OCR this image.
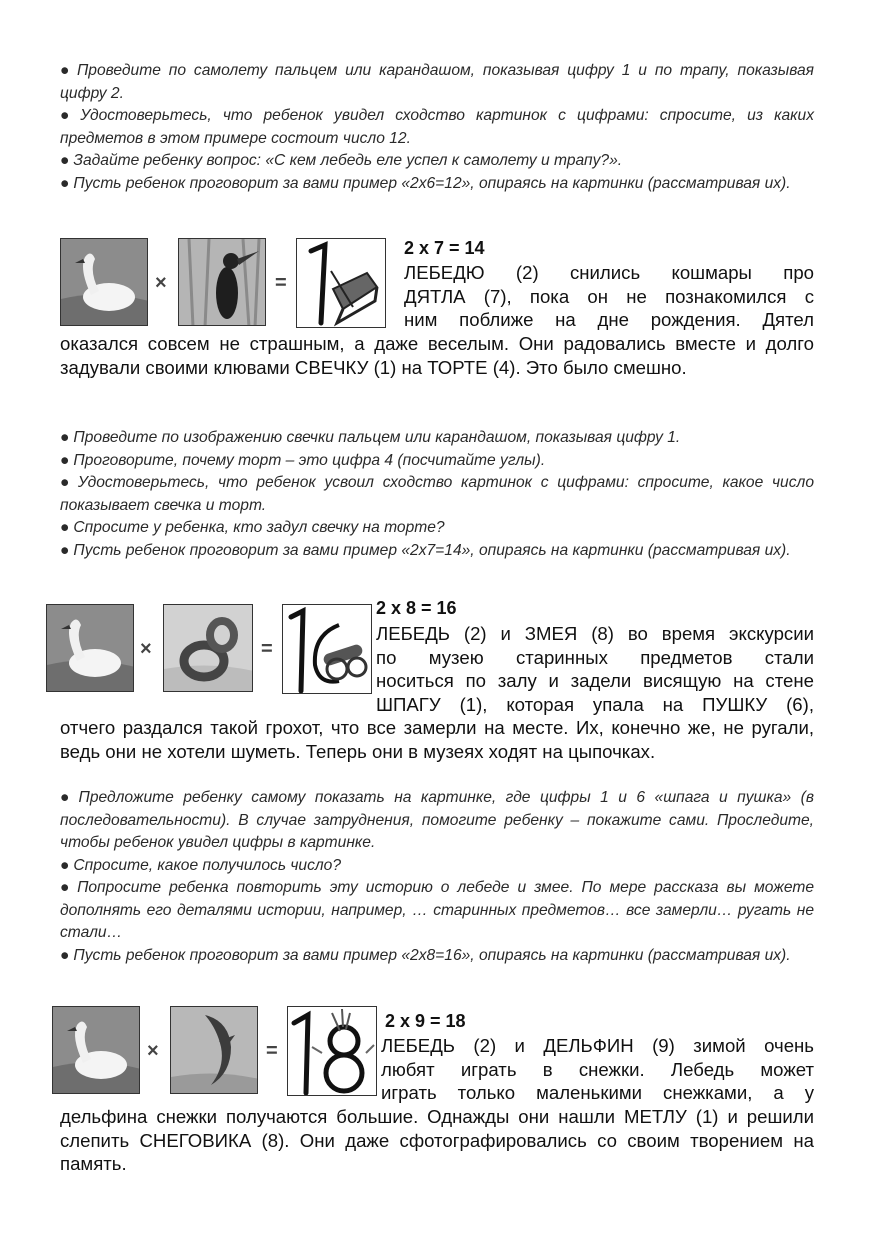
● Проведите по самолету пальцем или карандашом, показывая цифру 1 и по трапу, показывая цифру 2.

● Удостоверьтесь, что ребенок увидел сходство картинок с цифрами: спросите, из каких предметов в этом примере состоит число 12.

● Задайте ребенку вопрос: «С кем лебедь еле успел к самолету и трапу?».

● Пусть ребенок проговорит за вами пример «2х6=12», опираясь на картинки (рассматривая их).

×	=
2 х 7 = 14

ЛЕБЕДЮ (2) снились кошмары про

ДЯТЛА (7), пока он не познакомился с

ним поближе на дне рождения. Дятел

оказался совсем не страшным, а даже веселым. Они радовались вместе и долго задували своими клювами СВЕЧКУ (1) на ТОРТЕ (4). Это было смешно.

● Проведите по изображению свечки пальцем или карандашом, показывая цифру 1.

● Проговорите, почему торт – это цифра 4 (посчитайте углы).

● Удостоверьтесь, что ребенок усвоил сходство картинок с цифрами: спросите, какое число показывает свечка и торт.

● Спросите у ребенка, кто задул свечку на торте?

● Пусть ребенок проговорит за вами пример «2х7=14», опираясь на картинки (рассматривая их).

×	=
2 х 8 = 16

ЛЕБЕДЬ (2) и ЗМЕЯ (8) во время экскурсии

по музею старинных предметов стали

носиться по залу и задели висящую на стене

ШПАГУ (1), которая упала на ПУШКУ (6),

отчего раздался такой грохот, что все замерли на месте. Их, конечно же, не ругали, ведь они не хотели шуметь. Теперь они в музеях ходят на цыпочках.

● Предложите ребенку самому показать на картинке, где цифры 1 и 6 «шпага и пушка» (в последовательности). В случае затруднения, помогите ребенку – покажите сами. Проследите, чтобы ребенок увидел цифры в картинке.

● Спросите, какое получилось число?

● Попросите ребенка повторить эту историю о лебеде и змее. По мере рассказа вы можете дополнять его деталями истории, например, … старинных предметов… все замерли… ругать не стали…

● Пусть ребенок проговорит за вами пример «2х8=16», опираясь на картинки (рассматривая их).

×	=
2 х 9 = 18

ЛЕБЕДЬ (2) и ДЕЛЬФИН (9) зимой очень

любят играть в снежки. Лебедь может

играть только маленькими снежками, а у

дельфина снежки получаются большие. Однажды они нашли МЕТЛУ (1) и решили слепить СНЕГОВИКА (8). Они даже сфотографировались со своим творением на память.
